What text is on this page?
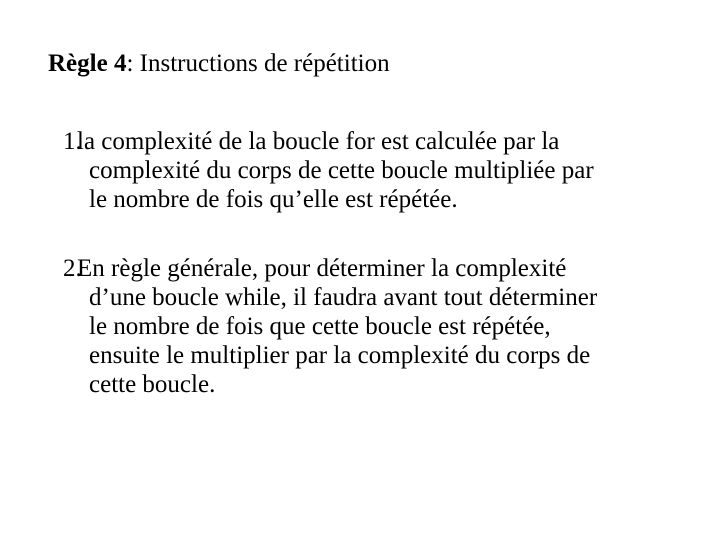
Règle 4: Instructions de répétition
1.
la complexité de la boucle for est calculée par la
complexité du corps de cette boucle multipliée par
le nombre de fois qu’elle est répétée.
2.
En règle générale, pour déterminer la complexité
d’une boucle while, il faudra avant tout déterminer
le nombre de fois que cette boucle est répétée,
ensuite le multiplier par la complexité du corps de
cette boucle.
